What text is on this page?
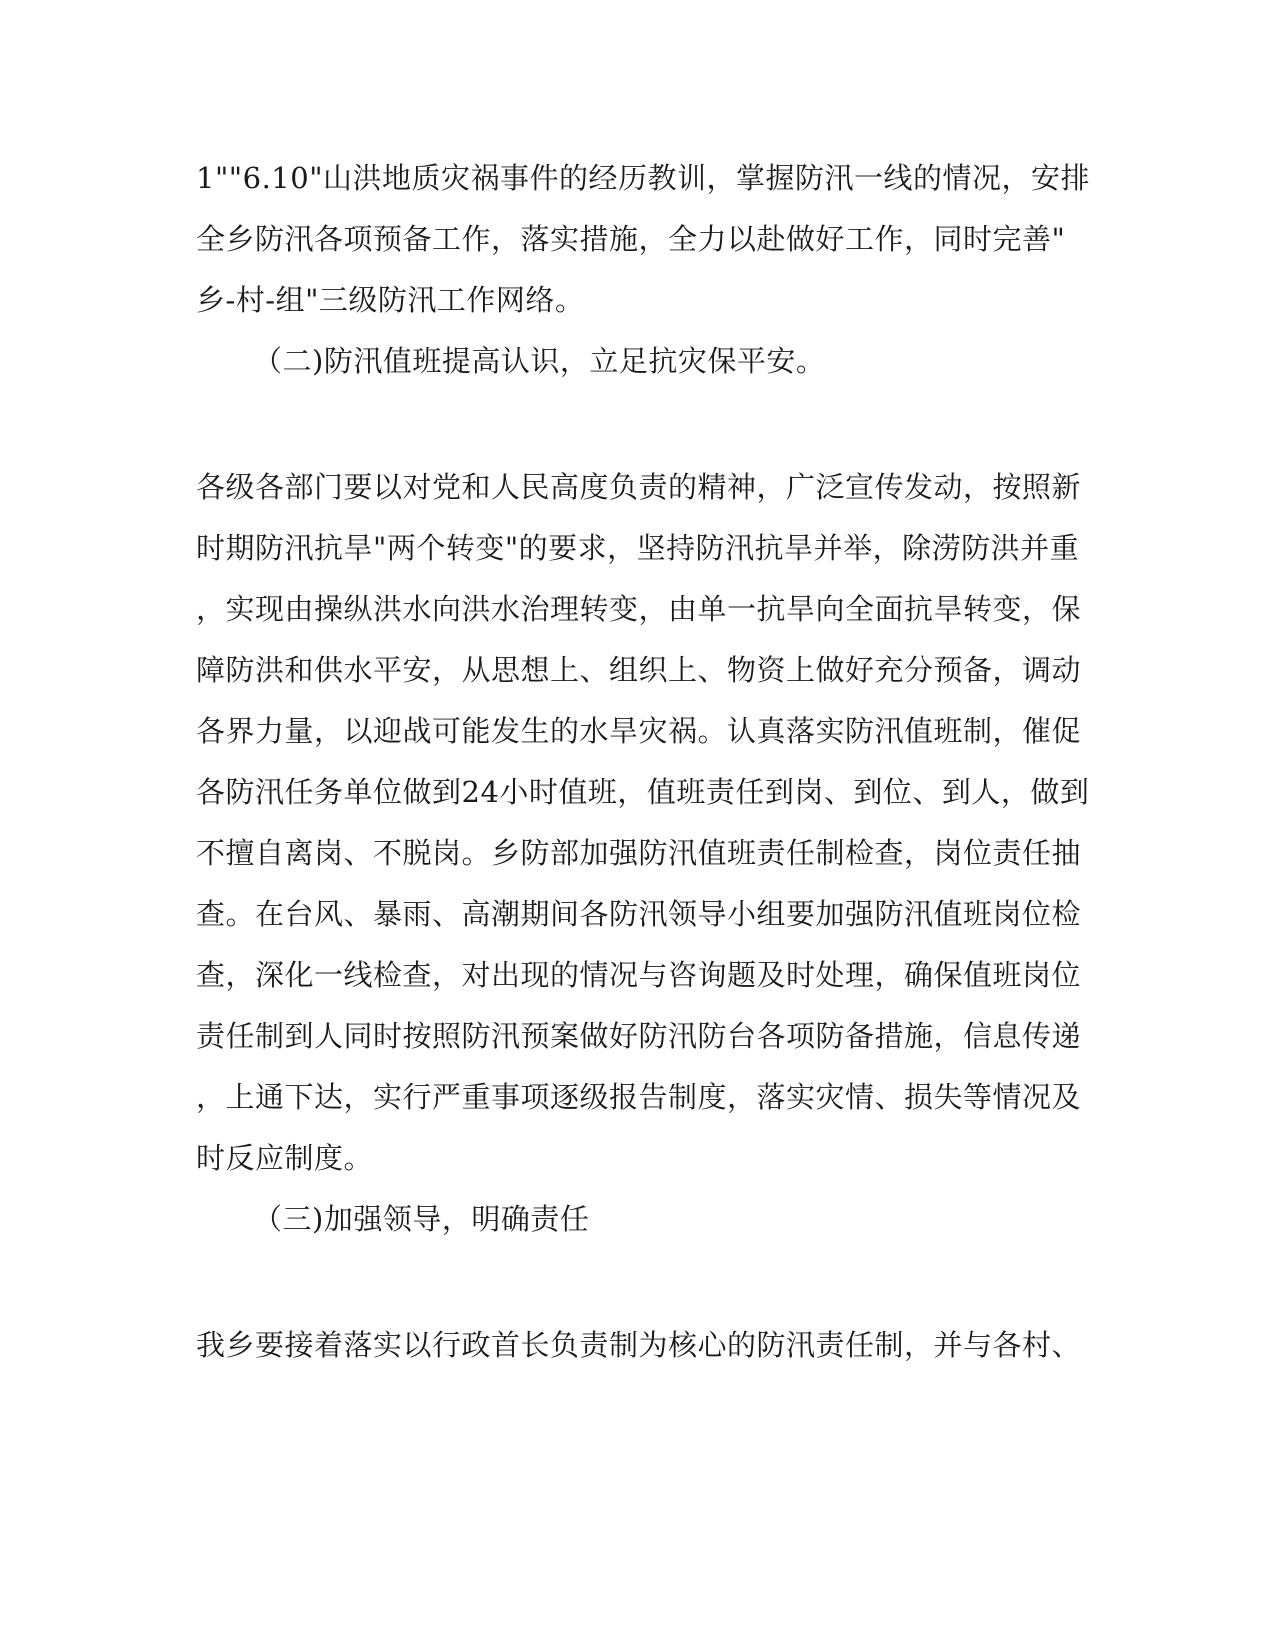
1""6.10"山洪地质灾祸事件的经历教训，掌握防汛一线的情况，安排
全乡防汛各项预备工作，落实措施，全力以赴做好工作，同时完善"
乡-村-组"三级防汛工作网络。
（二)防汛值班提高认识，立足抗灾保平安。
各级各部门要以对党和人民高度负责的精神，广泛宣传发动，按照新
时期防汛抗旱"两个转变"的要求，坚持防汛抗旱并举，除涝防洪并重
，实现由操纵洪水向洪水治理转变，由单一抗旱向全面抗旱转变，保
障防洪和供水平安，从思想上、组织上、物资上做好充分预备，调动
各界力量，以迎战可能发生的水旱灾祸。认真落实防汛值班制，催促
各防汛任务单位做到24小时值班，值班责任到岗、到位、到人，做到
不擅自离岗、不脱岗。乡防部加强防汛值班责任制检查，岗位责任抽
查。在台风、暴雨、高潮期间各防汛领导小组要加强防汛值班岗位检
查，深化一线检查，对出现的情况与咨询题及时处理，确保值班岗位
责任制到人同时按照防汛预案做好防汛防台各项防备措施，信息传递
，上通下达，实行严重事项逐级报告制度，落实灾情、损失等情况及
时反应制度。
（三)加强领导，明确责任
我乡要接着落实以行政首长负责制为核心的防汛责任制，并与各村、
